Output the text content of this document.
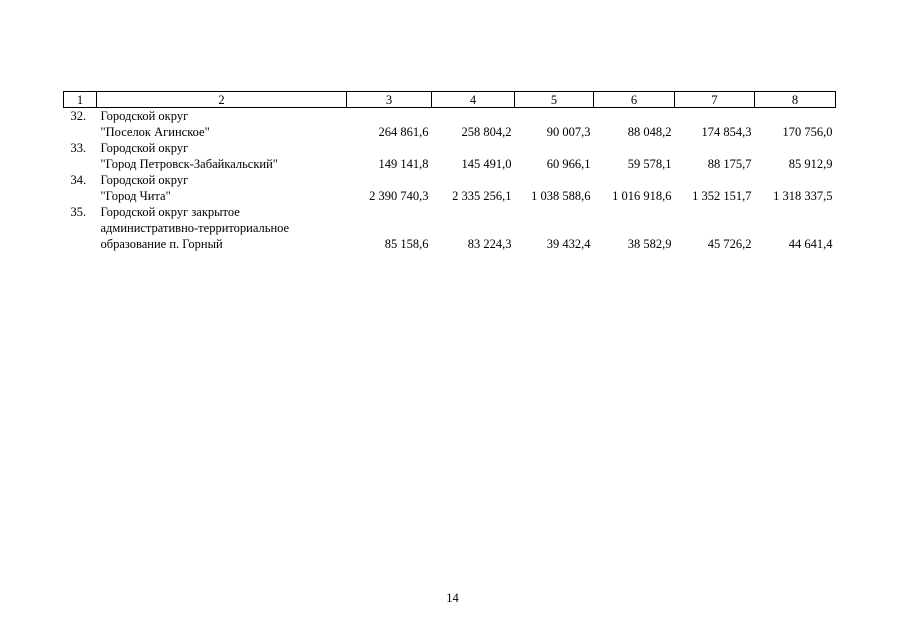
1	2	3	4	5	6	7	8
32.	Городской округ
"Поселок Агинское"	264 861,6	258 804,2	90 007,3	88 048,2	174 854,3	170 756,0
33.	Городской округ
"Город Петровск-Забайкальский"	149 141,8	145 491,0	60 966,1	59 578,1	88 175,7	85 912,9
34.	Городской округ
"Город Чита"	2 390 740,3	2 335 256,1	1 038 588,6	1 016 918,6	1 352 151,7	1 318 337,5
35.	Городской округ закрытое
административно-территориальное
образование п. Горный	85 158,6	83 224,3	39 432,4	38 582,9	45 726,2	44 641,4
14
